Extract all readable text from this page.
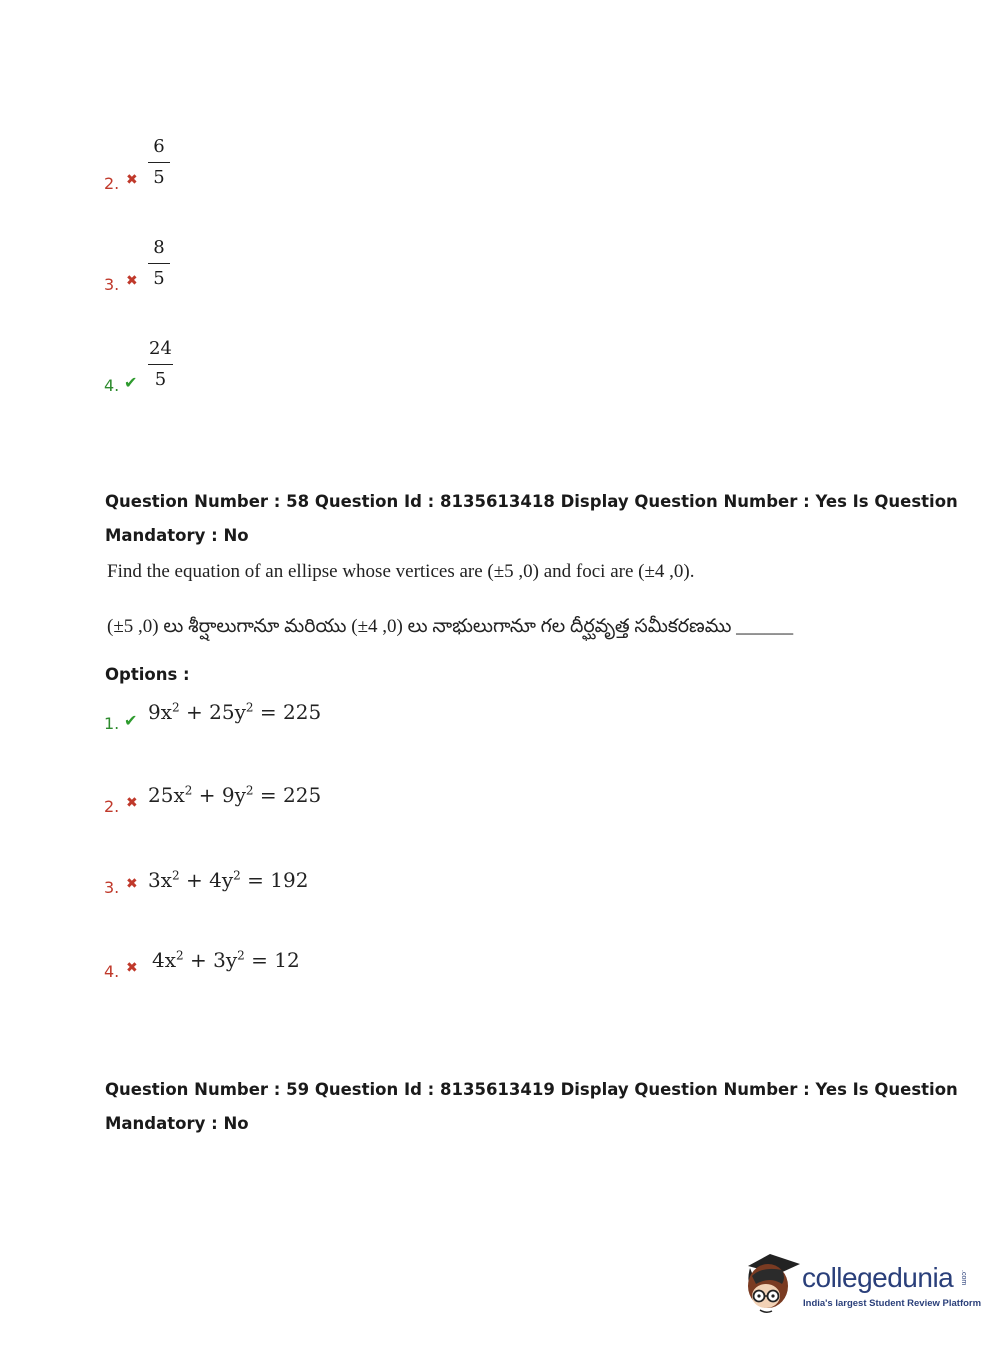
2. ✖
6
5
3. ✖
8
5
4. ✔
24
5
Question Number : 58 Question Id : 8135613418 Display Question Number : Yes Is Question
Mandatory : No
Find the equation of an ellipse whose vertices are (±5 ,0) and foci are (±4 ,0).
(±5 ,0) లు శీర్షాలుగానూ మరియు (±4 ,0) లు నాభులుగానూ గల దీర్ఘవృత్త సమీకరణము ______
Options :
1. ✔ $9x^2 + 25y^2 = 225$
2. ✖ $25x^2 + 9y^2 = 225$
3. ✖ $3x^2 + 4y^2 = 192$
4. ✖ $4x^2 + 3y^2 = 12$
Question Number : 59 Question Id : 8135613419 Display Question Number : Yes Is Question
Mandatory : No
collegedunia .com
India's largest Student Review Platform
